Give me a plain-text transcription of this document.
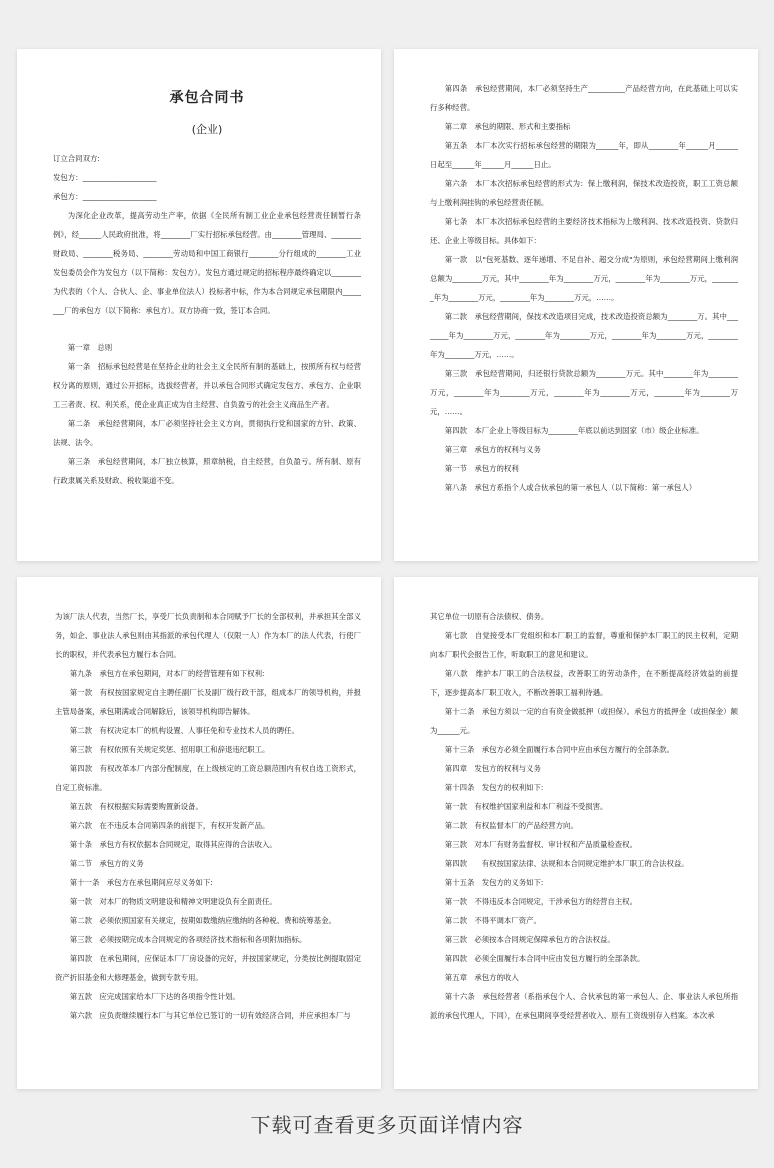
承包合同书
(企业)

订立合同双方:

发包方：____________________

承包方：____________________

为深化企业改革，提高劳动生产率，依据《全民所有制工业企业承包经营责任制暂行条例》，经______人民政府批准，将________厂实行招标承包经营。由________管理局、________财政局、________税务局、________劳动局和中国工商银行________分行组成的________工业发包委员会作为发包方（以下简称：发包方）。发包方通过规定的招标程序最终确定以________为代表的（个人、合伙人、企、事业单位法人）投标者中标，作为本合同规定承包期限内________厂的承包方（以下简称：承包方）。双方协商一致，签订本合同。

第一章　总则

第一条　招标承包经营是在坚持企业的社会主义全民所有制的基础上，按照所有权与经营权分离的原则，通过公开招标，选拔经营者，并以承包合同形式确定发包方、承包方、企业职工三者责、权、利关系，使企业真正成为自主经营、自负盈亏的社会主义商品生产者。

第二条　承包经营期间，本厂必须坚持社会主义方向，贯彻执行党和国家的方针、政策、法规、法令。

第三条　承包经营期间，本厂独立核算，照章纳税，自主经营，自负盈亏。所有制、原有行政隶属关系及财政、税收渠道不变。

第四条　承包经营期间，本厂必须坚持生产__________产品经营方向，在此基础上可以实行多种经营。

第二章　承包的期限、形式和主要指标

第五条　本厂本次实行招标承包经营的期限为______年，即从________年______月______日起至______年______月______日止。

第六条　本厂本次招标承包经营的形式为：保上缴利润，保技术改造投资，职工工资总额与上缴利润挂钩的承包经营责任制。

第七条　本厂本次招标承包经营的主要经济技术指标为上缴利润、技术改造投资、贷款归还、企业上等级目标。具体如下：

第一款　以"包死基数、逐年递增、不足自补、超交分成"为原则，承包经营期间上缴利润总额为________万元，其中________年为________万元，________年为________万元，________年为________万元，________年为________万元，……。

第二款　承包经营期间，保技术改造项目完成，技术改造投资总额为________万。其中________年为________万元，________年为________万元，________年为________万元，________年为________万元，……。

第三款　承包经营期间，归还银行贷款总额为________万元。其中________年为________万元，________年为________万元，________年为________万元，________年为________万元，……。

第四款　本厂企业上等级目标为________年底以前达到国家（市）级企业标准。

第三章　承包方的权利与义务

第一节　承包方的权利

第八条　承包方系指个人或合伙承包的第一承包人（以下简称：第一承包人）

为该厂法人代表，当然厂长，享受厂长负责制和本合同赋予厂长的全部权利，并承担其全部义务，如企、事业法人承包则由其指派的承包代理人（仅限一人）作为本厂的法人代表，行使厂长的职权，并代表承包方履行本合同。

第九条　承包方在承包期间，对本厂的经营管理有如下权利:

第一款　有权按国家规定自主聘任副厂长及副厂级行政干部，组成本厂的领导机构，并报主管局备案，承包期满或合同解除后，该领导机构即告解体。

第二款　有权决定本厂的机构设置、人事任免和专业技术人员的聘任。

第三款　有权依照有关规定奖惩、招用职工和辞退违纪职工。

第四款　有权改革本厂内部分配制度，在上级核定的工资总额范围内有权自选工资形式，自定工资标准。

第五款　有权根据实际需要购置新设备。

第六款　在不违反本合同第四条的前提下，有权开发新产品。

第十条　承包方有权依据本合同规定，取得其应得的合法收入。

第二节　承包方的义务

第十一条　承包方在承包期间应尽义务如下:

第一款　对本厂的物质文明建设和精神文明建设负有全面责任。

第二款　必须依照国家有关规定，按期如数缴纳应缴纳的各种税、费和统筹基金。

第三款　必须按期完成本合同规定的各项经济技术指标和各项附加指标。

第四款　在承包期间，应保证本厂厂房设备的完好，并按国家规定，分类按比例提取固定资产折旧基金和大修理基金，做到专款专用。

第五款　应完成国家给本厂下达的各项指令性计划。

第六款　应负责继续履行本厂与其它单位已签订的一切有效经济合同，并应承担本厂与

其它单位一切原有合法债权、债务。

第七款　自觉接受本厂党组织和本厂职工的监督，尊重和保护本厂职工的民主权利，定期向本厂职代会报告工作，听取职工的意见和建议。

第八款　维护本厂职工的合法权益，改善职工的劳动条件，在不断提高经济效益的前提下，逐步提高本厂职工收入，不断改善职工福利待遇。

第十二条　承包方须以一定的自有资金做抵押（或担保）。承包方的抵押金（或担保金）额为______元。

第十三条　承包方必须全面履行本合同中应由承包方履行的全部条款。

第四章　发包方的权利与义务

第十四条　发包方的权利如下:

第一款　有权维护国家利益和本厂利益不受损害。

第二款　有权监督本厂的产品经营方向。

第三款　对本厂有财务监督权、审计权和产品质量检查权。

第四款　　有权按国家法律、法规和本合同规定维护本厂职工的合法权益。

第十五条　发包方的义务如下:

第一款　不得违反本合同规定，干涉承包方的经营自主权。

第二款　不得平调本厂资产。

第三款　必须按本合同规定保障承包方的合法权益。

第四款　必须全面履行本合同中应由发包方履行的全部条款。

第五章　承包方的收入

第十六条　承包经营者（系指承包个人、合伙承包的第一承包人、企、事业法人承包所指派的承包代理人，下同），在承包期间享受经营者收入、原有工资级别存入档案。本次承

下载可查看更多页面详情内容
